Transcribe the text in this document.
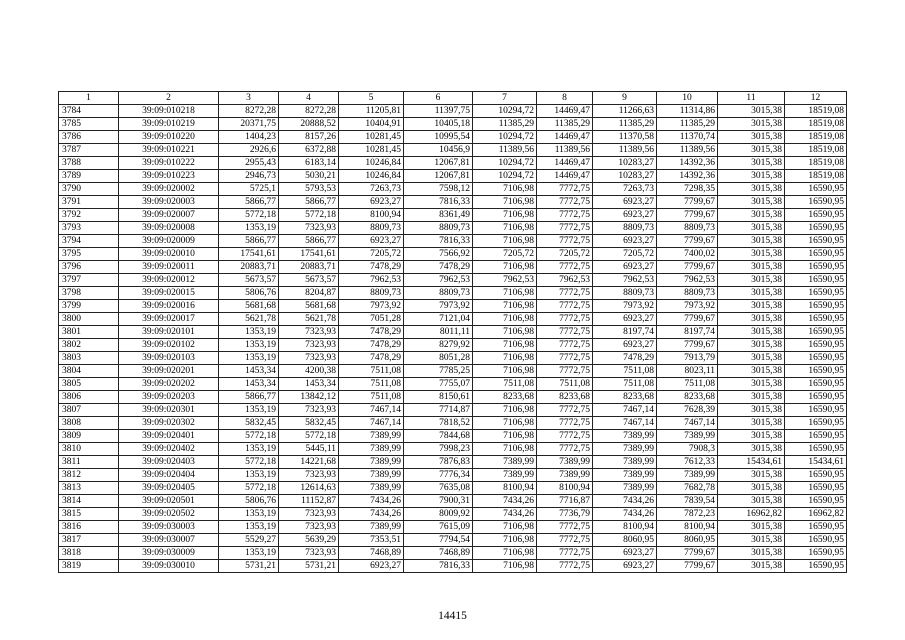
1	2	3	4	5	6	7	8	9	10	11	12
3784	39:09:010218	8272,28	8272,28	11205,81	11397,75	10294,72	14469,47	11266,63	11314,86	3015,38	18519,08
3785	39:09:010219	20371,75	20888,52	10404,91	10405,18	11385,29	11385,29	11385,29	11385,29	3015,38	18519,08
3786	39:09:010220	1404,23	8157,26	10281,45	10995,54	10294,72	14469,47	11370,58	11370,74	3015,38	18519,08
3787	39:09:010221	2926,6	6372,88	10281,45	10456,9	11389,56	11389,56	11389,56	11389,56	3015,38	18519,08
3788	39:09:010222	2955,43	6183,14	10246,84	12067,81	10294,72	14469,47	10283,27	14392,36	3015,38	18519,08
3789	39:09:010223	2946,73	5030,21	10246,84	12067,81	10294,72	14469,47	10283,27	14392,36	3015,38	18519,08
3790	39:09:020002	5725,1	5793,53	7263,73	7598,12	7106,98	7772,75	7263,73	7298,35	3015,38	16590,95
3791	39:09:020003	5866,77	5866,77	6923,27	7816,33	7106,98	7772,75	6923,27	7799,67	3015,38	16590,95
3792	39:09:020007	5772,18	5772,18	8100,94	8361,49	7106,98	7772,75	6923,27	7799,67	3015,38	16590,95
3793	39:09:020008	1353,19	7323,93	8809,73	8809,73	7106,98	7772,75	8809,73	8809,73	3015,38	16590,95
3794	39:09:020009	5866,77	5866,77	6923,27	7816,33	7106,98	7772,75	6923,27	7799,67	3015,38	16590,95
3795	39:09:020010	17541,61	17541,61	7205,72	7566,92	7205,72	7205,72	7205,72	7400,02	3015,38	16590,95
3796	39:09:020011	20883,71	20883,71	7478,29	7478,29	7106,98	7772,75	6923,27	7799,67	3015,38	16590,95
3797	39:09:020012	5673,57	5673,57	7962,53	7962,53	7962,53	7962,53	7962,53	7962,53	3015,38	16590,95
3798	39:09:020015	5806,76	8204,87	8809,73	8809,73	7106,98	7772,75	8809,73	8809,73	3015,38	16590,95
3799	39:09:020016	5681,68	5681,68	7973,92	7973,92	7106,98	7772,75	7973,92	7973,92	3015,38	16590,95
3800	39:09:020017	5621,78	5621,78	7051,28	7121,04	7106,98	7772,75	6923,27	7799,67	3015,38	16590,95
3801	39:09:020101	1353,19	7323,93	7478,29	8011,11	7106,98	7772,75	8197,74	8197,74	3015,38	16590,95
3802	39:09:020102	1353,19	7323,93	7478,29	8279,92	7106,98	7772,75	6923,27	7799,67	3015,38	16590,95
3803	39:09:020103	1353,19	7323,93	7478,29	8051,28	7106,98	7772,75	7478,29	7913,79	3015,38	16590,95
3804	39:09:020201	1453,34	4200,38	7511,08	7785,25	7106,98	7772,75	7511,08	8023,11	3015,38	16590,95
3805	39:09:020202	1453,34	1453,34	7511,08	7755,07	7511,08	7511,08	7511,08	7511,08	3015,38	16590,95
3806	39:09:020203	5866,77	13842,12	7511,08	8150,61	8233,68	8233,68	8233,68	8233,68	3015,38	16590,95
3807	39:09:020301	1353,19	7323,93	7467,14	7714,87	7106,98	7772,75	7467,14	7628,39	3015,38	16590,95
3808	39:09:020302	5832,45	5832,45	7467,14	7818,52	7106,98	7772,75	7467,14	7467,14	3015,38	16590,95
3809	39:09:020401	5772,18	5772,18	7389,99	7844,68	7106,98	7772,75	7389,99	7389,99	3015,38	16590,95
3810	39:09:020402	1353,19	5445,11	7389,99	7998,23	7106,98	7772,75	7389,99	7908,3	3015,38	16590,95
3811	39:09:020403	5772,18	14221,68	7389,99	7876,83	7389,99	7389,99	7389,99	7612,33	15434,61	15434,61
3812	39:09:020404	1353,19	7323,93	7389,99	7776,34	7389,99	7389,99	7389,99	7389,99	3015,38	16590,95
3813	39:09:020405	5772,18	12614,63	7389,99	7635,08	8100,94	8100,94	7389,99	7682,78	3015,38	16590,95
3814	39:09:020501	5806,76	11152,87	7434,26	7900,31	7434,26	7716,87	7434,26	7839,54	3015,38	16590,95
3815	39:09:020502	1353,19	7323,93	7434,26	8009,92	7434,26	7736,79	7434,26	7872,23	16962,82	16962,82
3816	39:09:030003	1353,19	7323,93	7389,99	7615,09	7106,98	7772,75	8100,94	8100,94	3015,38	16590,95
3817	39:09:030007	5529,27	5639,29	7353,51	7794,54	7106,98	7772,75	8060,95	8060,95	3015,38	16590,95
3818	39:09:030009	1353,19	7323,93	7468,89	7468,89	7106,98	7772,75	6923,27	7799,67	3015,38	16590,95
3819	39:09:030010	5731,21	5731,21	6923,27	7816,33	7106,98	7772,75	6923,27	7799,67	3015,38	16590,95
14415
